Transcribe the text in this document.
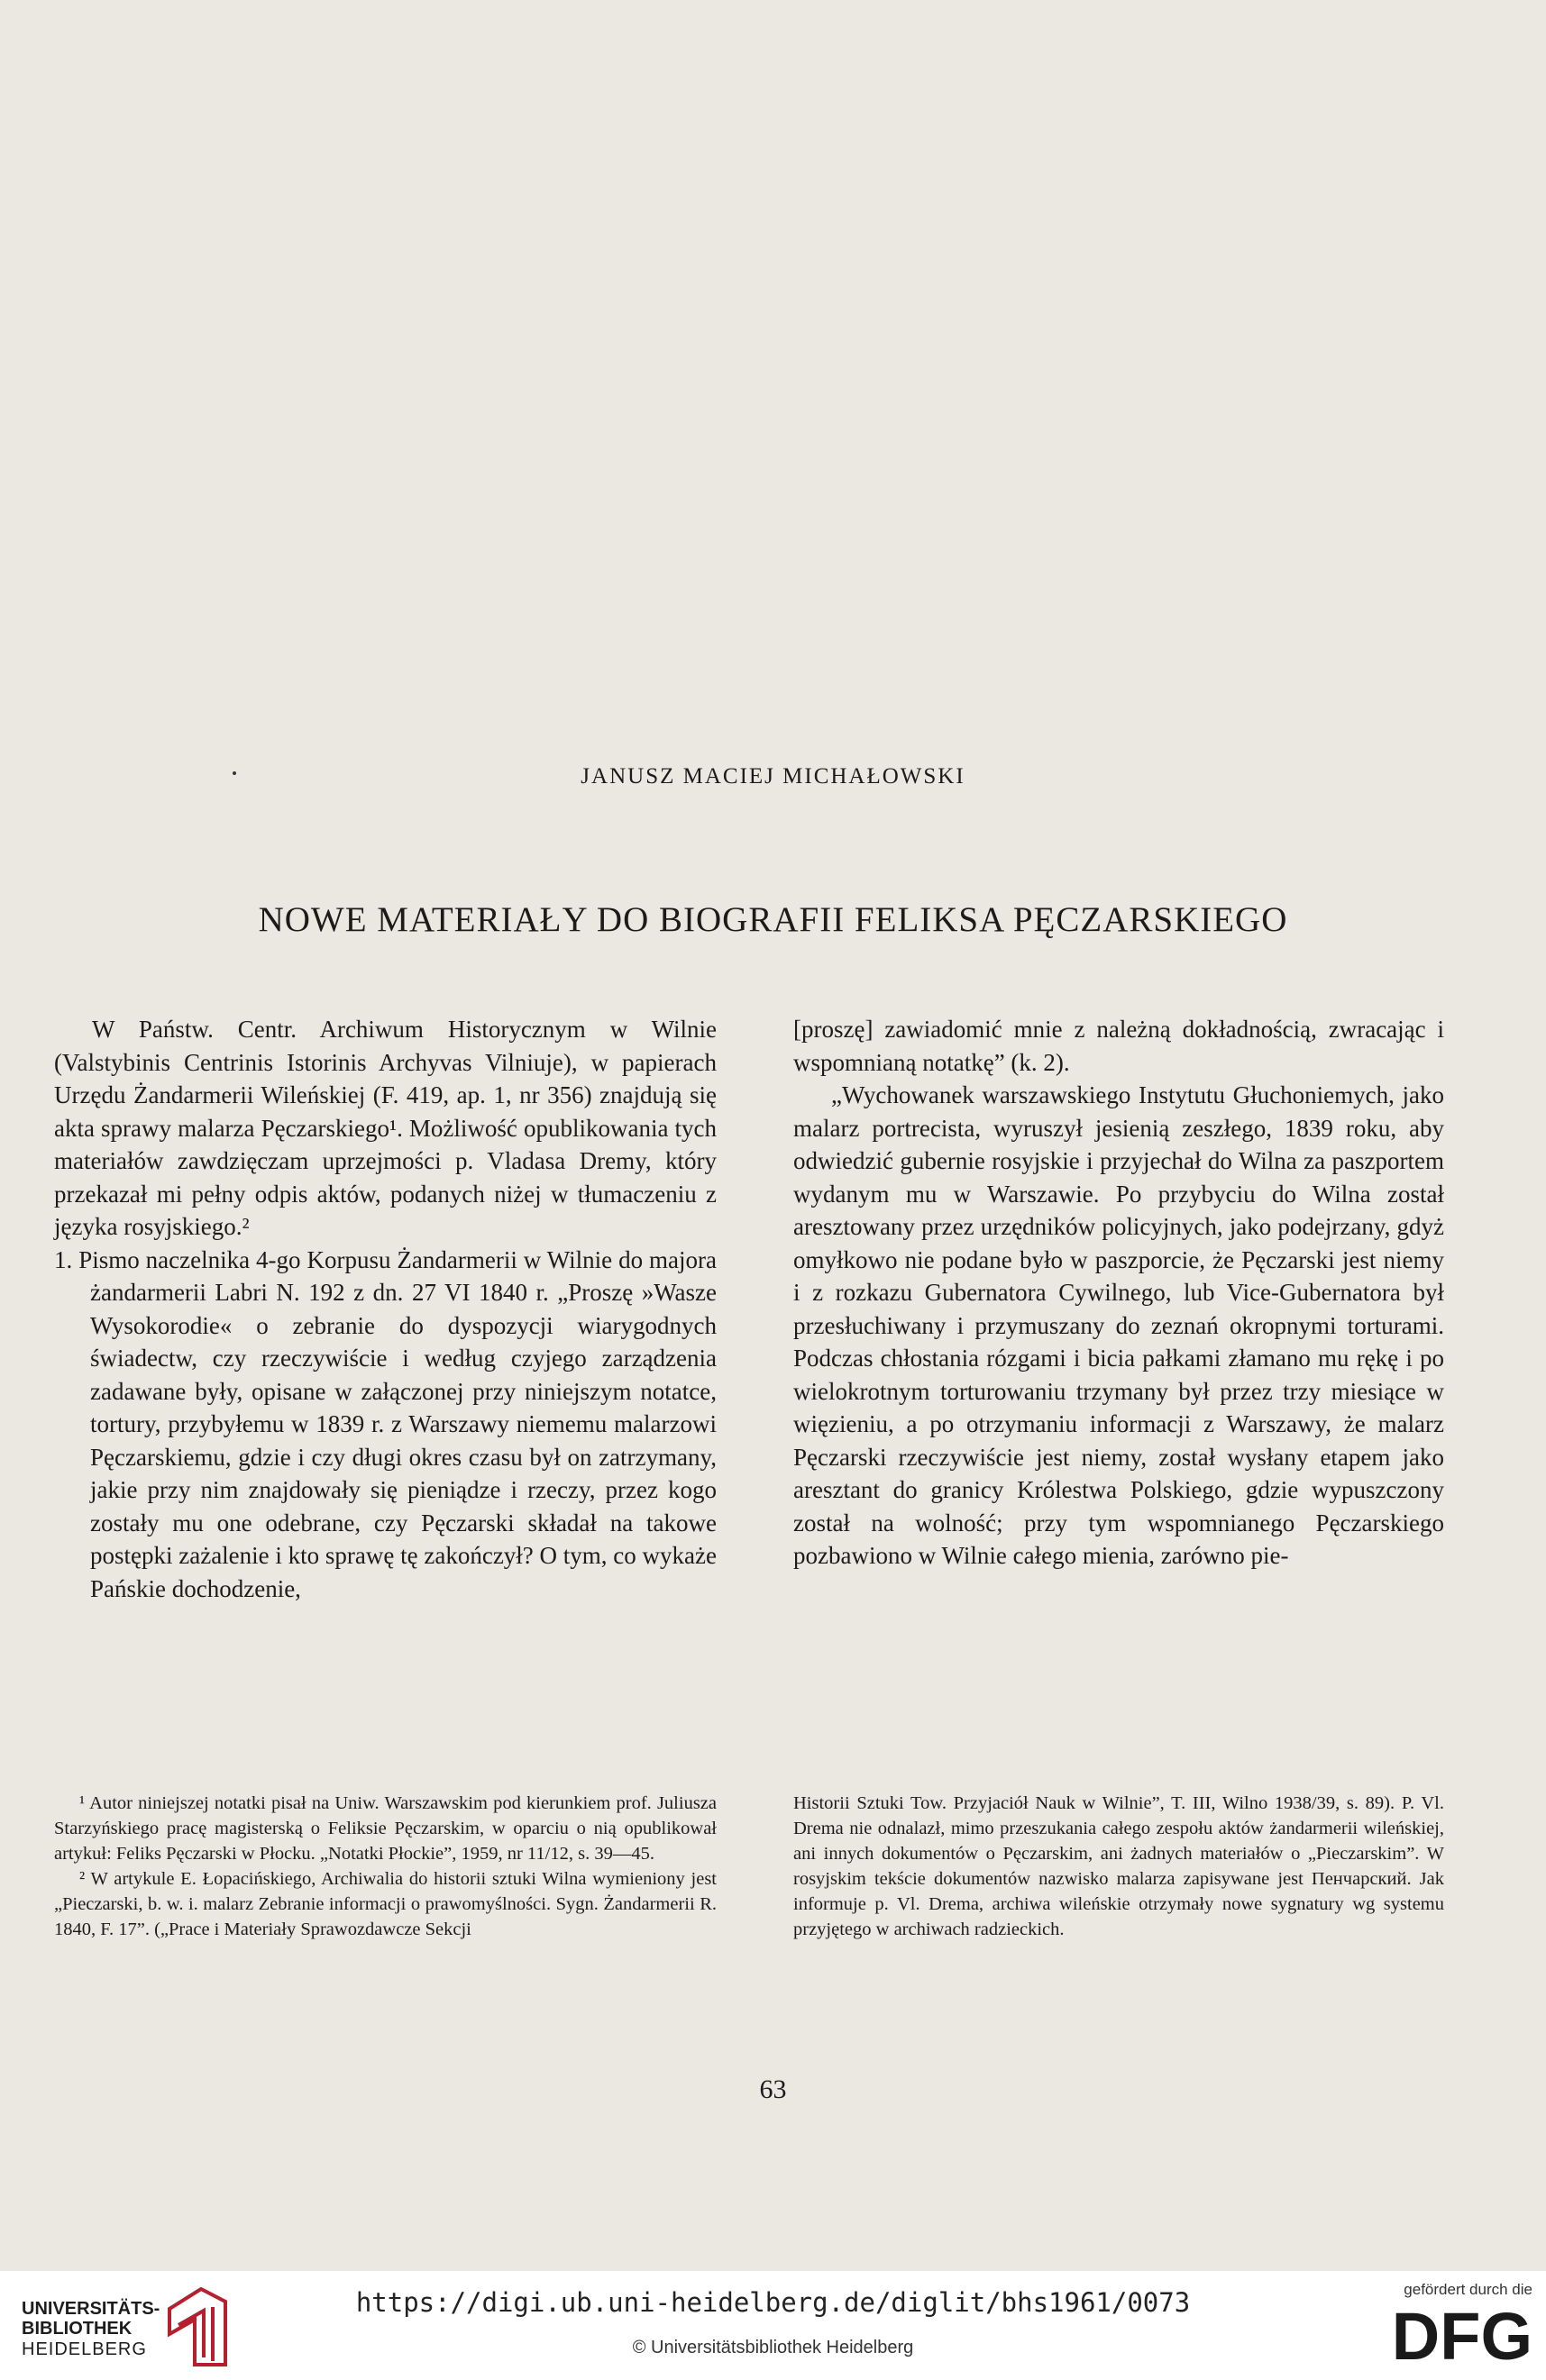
JANUSZ MACIEJ MICHAŁOWSKI
NOWE MATERIAŁY DO BIOGRAFII FELIKSA PĘCZARSKIEGO

W Państw. Centr. Archiwum Historycznym w Wilnie (Valstybinis Centrinis Istorinis Archyvas Vilniuje), w papierach Urzędu Żandarmerii Wileńskiej (F. 419, ap. 1, nr 356) znajdują się akta sprawy malarza Pęczarskiego¹. Możliwość opublikowania tych materiałów zawdzięczam uprzejmości p. Vladasa Dremy, który przekazał mi pełny odpis aktów, podanych niżej w tłumaczeniu z języka rosyjskiego.²

1. Pismo naczelnika 4-go Korpusu Żandarmerii w Wilnie do majora żandarmerii Labri N. 192 z dn. 27 VI 1840 r. „Proszę »Wasze Wysokorodie« o zebranie do dyspozycji wiarygodnych świadectw, czy rzeczywiście i według czyjego zarządzenia zadawane były, opisane w załączonej przy niniejszym notatce, tortury, przybyłemu w 1839 r. z Warszawy niememu malarzowi Pęczarskiemu, gdzie i czy długi okres czasu był on zatrzymany, jakie przy nim znajdowały się pieniądze i rzeczy, przez kogo zostały mu one odebrane, czy Pęczarski składał na takowe postępki zażalenie i kto sprawę tę zakończył? O tym, co wykaże Pańskie dochodzenie,

[proszę] zawiadomić mnie z należną dokładnością, zwracając i wspomnianą notatkę” (k. 2).

„Wychowanek warszawskiego Instytutu Głuchoniemych, jako malarz portrecista, wyruszył jesienią zeszłego, 1839 roku, aby odwiedzić gubernie rosyjskie i przyjechał do Wilna za paszportem wydanym mu w Warszawie. Po przybyciu do Wilna został aresztowany przez urzędników policyjnych, jako podejrzany, gdyż omyłkowo nie podane było w paszporcie, że Pęczarski jest niemy i z rozkazu Gubernatora Cywilnego, lub Vice-Gubernatora był przesłuchiwany i przymuszany do zeznań okropnymi torturami. Podczas chłostania rózgami i bicia pałkami złamano mu rękę i po wielokrotnym torturowaniu trzymany był przez trzy miesiące w więzieniu, a po otrzymaniu informacji z Warszawy, że malarz Pęczarski rzeczywiście jest niemy, został wysłany etapem jako aresztant do granicy Królestwa Polskiego, gdzie wypuszczony został na wolność; przy tym wspomnianego Pęczarskiego pozbawiono w Wilnie całego mienia, zarówno pie-

¹ Autor niniejszej notatki pisał na Uniw. Warszawskim pod kierunkiem prof. Juliusza Starzyńskiego pracę magisterską o Feliksie Pęczarskim, w oparciu o nią opublikował artykuł: Feliks Pęczarski w Płocku. „Notatki Płockie”, 1959, nr 11/12, s. 39—45.

² W artykule E. Łopacińskiego, Archiwalia do historii sztuki Wilna wymieniony jest „Pieczarski, b. w. i. malarz Zebranie informacji o prawomyślności. Sygn. Żandarmerii R. 1840, F. 17”. („Prace i Materiały Sprawozdawcze Sekcji

Historii Sztuki Tow. Przyjaciół Nauk w Wilnie”, T. III, Wilno 1938/39, s. 89). P. Vl. Drema nie odnalazł, mimo przeszukania całego zespołu aktów żandarmerii wileńskiej, ani innych dokumentów o Pęczarskim, ani żadnych materiałów o „Pieczarskim”. W rosyjskim tekście dokumentów nazwisko malarza zapisywane jest Пенчарский. Jak informuje p. Vl. Drema, archiwa wileńskie otrzymały nowe sygnatury wg systemu przyjętego w archiwach radzieckich.

63
UNIVERSITÄTS-
BIBLIOTHEK
HEIDELBERG
https://digi.ub.uni-heidelberg.de/diglit/bhs1961/0073
© Universitätsbibliothek Heidelberg
gefördert durch die
DFG
